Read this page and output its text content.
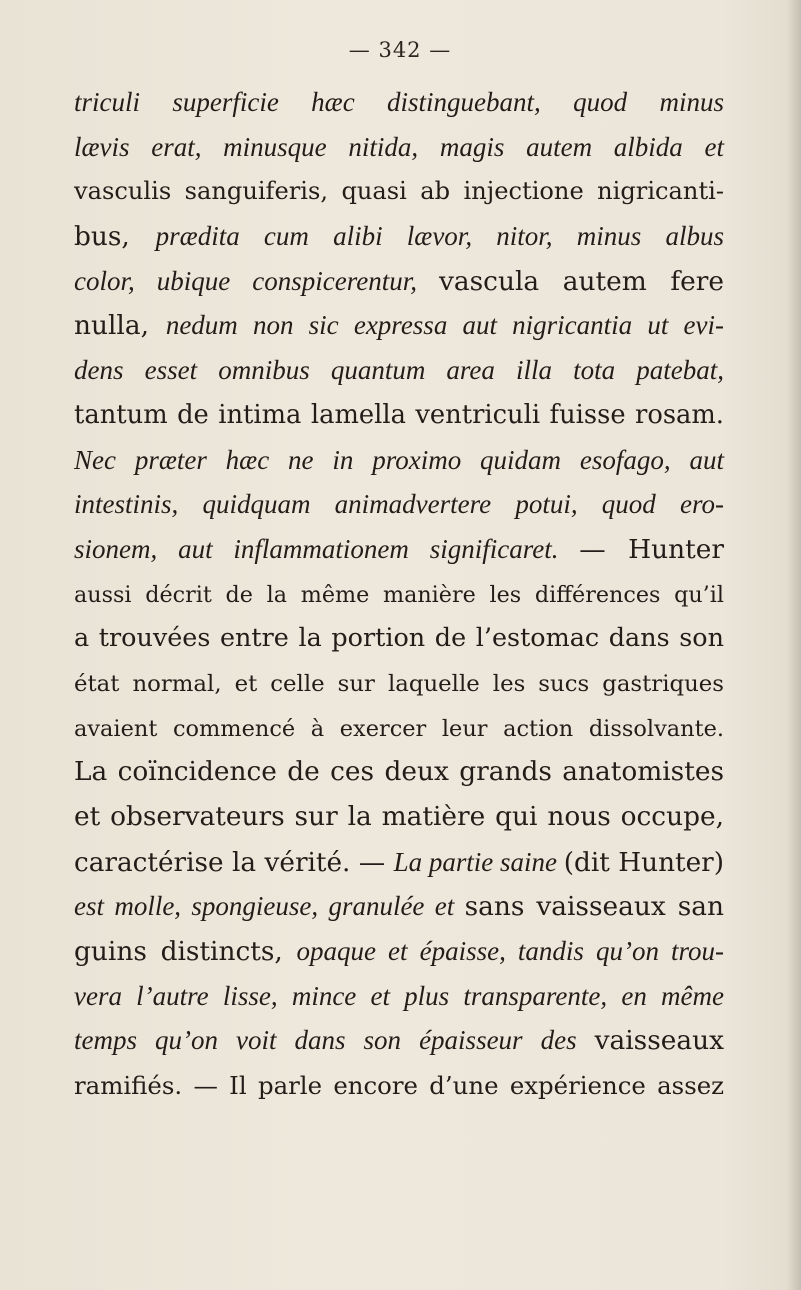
— 342 —
triculi superficie hæc distinguebant, quod minus
lævis erat, minusque nitida, magis autem albida et
vasculis sanguiferis, quasi ab injectione nigricanti-
bus, prædita cum alibi lævor, nitor, minus albus
color, ubique conspicerentur, vascula autem fere
nulla, nedum non sic expressa aut nigricantia ut evi-
dens esset omnibus quantum area illa tota patebat,
tantum de intima lamella ventriculi fuisse rosam.
Nec præter hæc ne in proximo quidam esofago, aut
intestinis, quidquam animadvertere potui, quod ero-
sionem, aut inflammationem significaret. — Hunter
aussi décrit de la même manière les différences qu’il
a trouvées entre la portion de l’estomac dans son
état normal, et celle sur laquelle les sucs gastriques
avaient commencé à exercer leur action dissolvante.
La coïncidence de ces deux grands anatomistes
et observateurs sur la matière qui nous occupe,
caractérise la vérité. — La partie saine (dit Hunter)
est molle, spongieuse, granulée et sans vaisseaux san
guins distincts, opaque et épaisse, tandis qu’on trou-
vera l’autre lisse, mince et plus transparente, en même
temps qu’on voit dans son épaisseur des vaisseaux
ramifiés. — Il parle encore d’une expérience assez
